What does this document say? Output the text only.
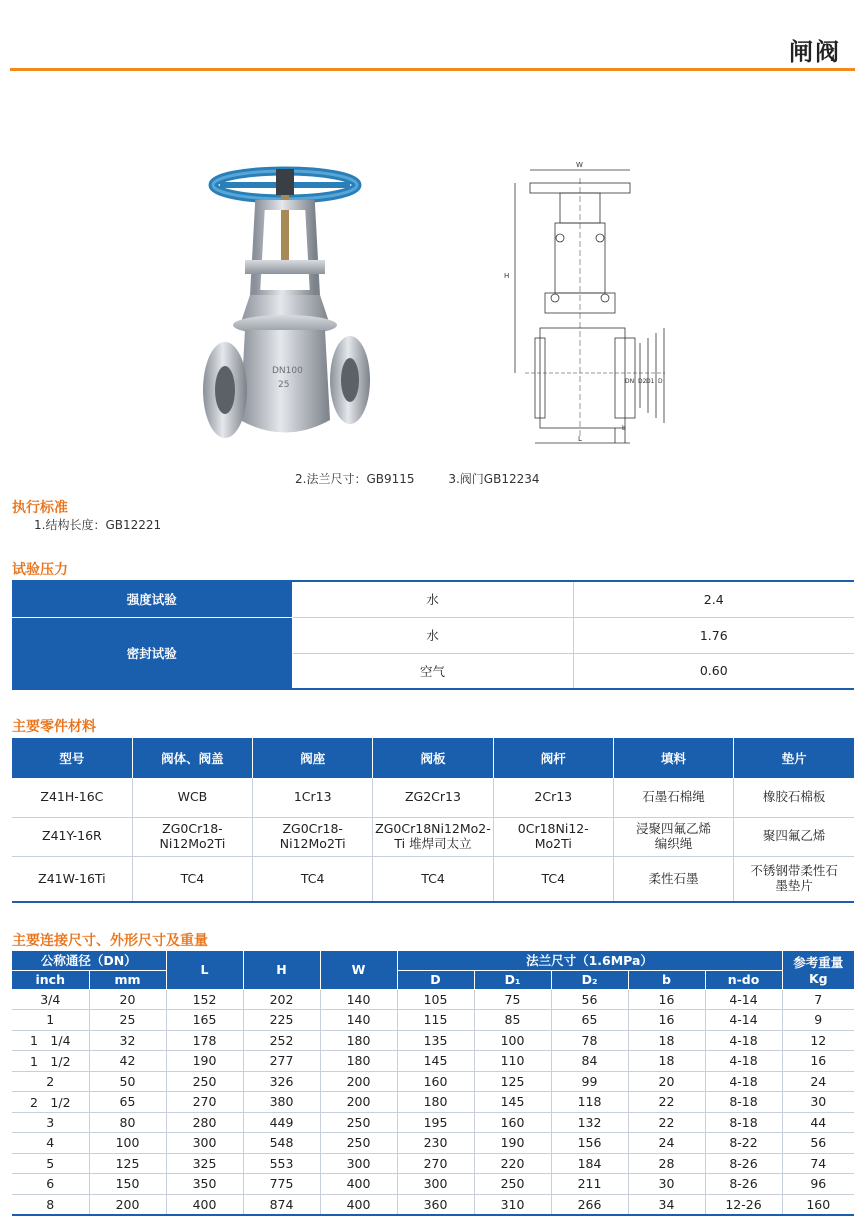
闸阀
DN100
25
W
H
DN D2 D1 D
L
b
2.法兰尺寸：GB9115	3.阀门GB12234
执行标准
1.结构长度：GB12221
试验压力
强度试验	水	2.4
密封试验	水	1.76
	空气	0.60
主要零件材料
型号	阀体、阀盖	阀座	阀板	阀杆	填料	垫片
Z41H-16C	WCB	1Cr13	ZG2Cr13	2Cr13	石墨石棉绳	橡胶石棉板
Z41Y-16R	ZG0Cr18-Ni12Mo2Ti	ZG0Cr18-Ni12Mo2Ti	ZG0Cr18Ni12Mo2-Ti 堆焊司太立	0Cr18Ni12-Mo2Ti	浸聚四氟乙烯编织绳	聚四氟乙烯
Z41W-16Ti	TC4	TC4	TC4	TC4	柔性石墨	不锈钢带柔性石墨垫片
主要连接尺寸、外形尺寸及重量
公称通径（DN）		L	H	W	法兰尺寸（1.6MPa）					参考重量
Kg
inch	mm				D	D₁	D₂	b	n-do	
3/4	20	152	202	140	105	75	56	16	4-14	7
1	25	165	225	140	115	85	65	16	4-14	9
1　1/4	32	178	252	180	135	100	78	18	4-18	12
1　1/2	42	190	277	180	145	110	84	18	4-18	16
2	50	250	326	200	160	125	99	20	4-18	24
2　1/2	65	270	380	200	180	145	118	22	8-18	30
3	80	280	449	250	195	160	132	22	8-18	44
4	100	300	548	250	230	190	156	24	8-22	56
5	125	325	553	300	270	220	184	28	8-26	74
6	150	350	775	400	300	250	211	30	8-26	96
8	200	400	874	400	360	310	266	34	12-26	160
